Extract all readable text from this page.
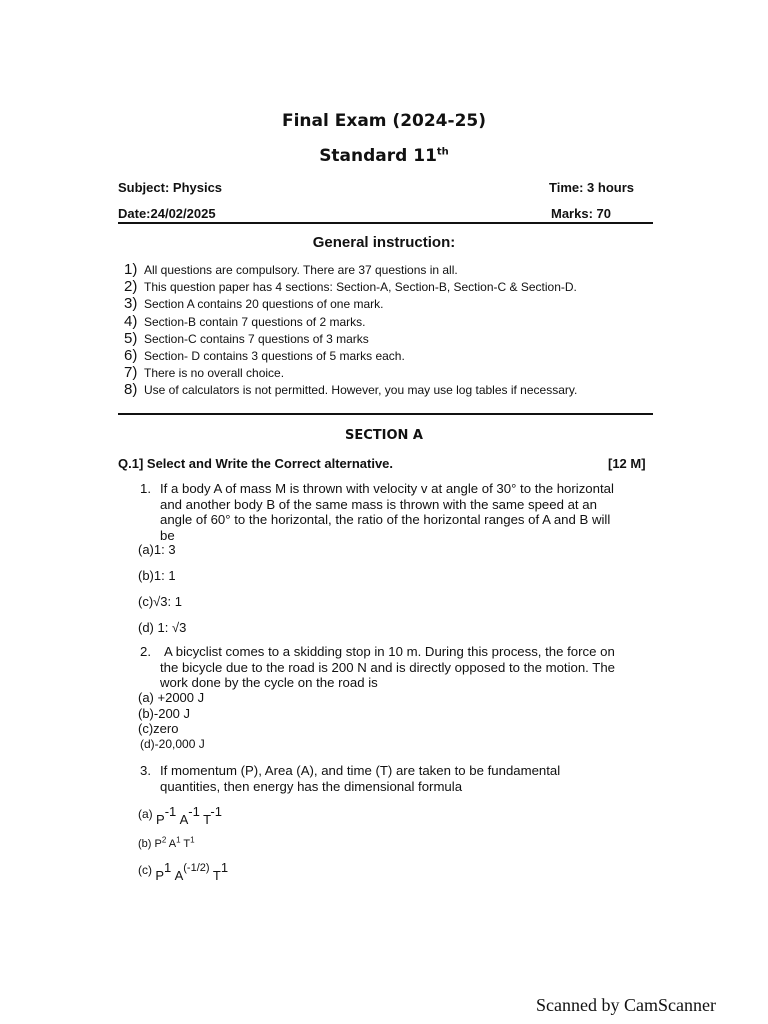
Final Exam (2024-25)
Standard 11th
Subject: Physics	Time: 3 hours
Date:24/02/2025	Marks: 70
General instruction:
1) All questions are compulsory. There are 37 questions in all.
2) This question paper has 4 sections: Section-A, Section-B, Section-C & Section-D.
3) Section A contains 20 questions of one mark.
4) Section-B contain 7 questions of 2 marks.
5) Section-C contains 7 questions of 3 marks
6) Section- D contains 3 questions of 5 marks each.
7) There is no overall choice.
8) Use of calculators is not permitted. However, you may use log tables if necessary.
SECTION A
Q.1] Select and Write the Correct alternative.	[12 M]
1. If a body A of mass M is thrown with velocity v at angle of 30° to the horizontal
and another body B of the same mass is thrown with the same speed at an
angle of 60° to the horizontal, the ratio of the horizontal ranges of A and B will
be
(a)1: 3
(b)1: 1
(c)√3: 1
(d) 1: √3
2. A bicyclist comes to a skidding stop in 10 m. During this process, the force on
the bicycle due to the road is 200 N and is directly opposed to the motion. The
work done by the cycle on the road is
(a) +2000 J
(b)-200 J
(c)zero
(d)-20,000 J
3. If momentum (P), Area (A), and time (T) are taken to be fundamental
quantities, then energy has the dimensional formula
(a) P-1 A-1 T-1
(b) $P^2$ $A^1$ $T^1$
(c) P1 A(-1/2) T1
Scanned by CamScanner
